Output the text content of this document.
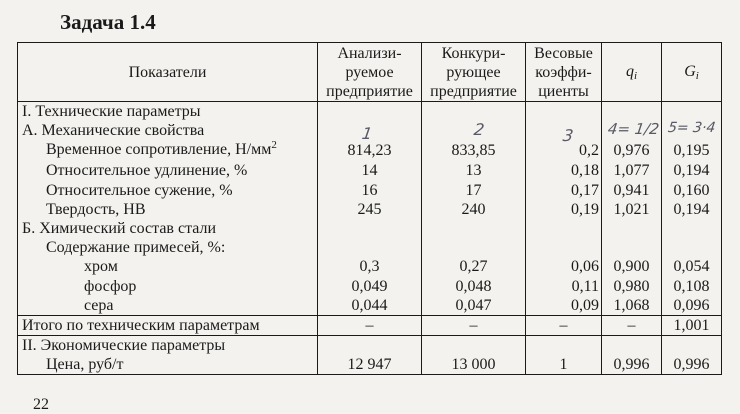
Задача 1.4
Показатели	Анализи-руемое предприятие	Конкури-рующее предприятие	Весовые коэффи-циенты	qi	Gi
I. Технические параметры					
А. Механические свойства					
Временное сопротивление, $Н/мм^2$	814,23	833,85	0,2	0,976	0,195
Относительное удлинение, %	14	13	0,18	1,077	0,194
Относительное сужение, %	16	17	0,17	0,941	0,160
Твердость, НВ	245	240	0,19	1,021	0,194
Б. Химический состав стали					
Содержание примесей, %:					
хром	0,3	0,27	0,06	0,900	0,054
фосфор	0,049	0,048	0,11	0,980	0,108
сера	0,044	0,047	0,09	1,068	0,096
Итого по техническим параметрам	–	–	–	–	1,001
II. Экономические параметры					
Цена, руб/т	12 947	13 000	1	0,996	0,996
1	2	3 4= 1/2 5= 3·4
22
